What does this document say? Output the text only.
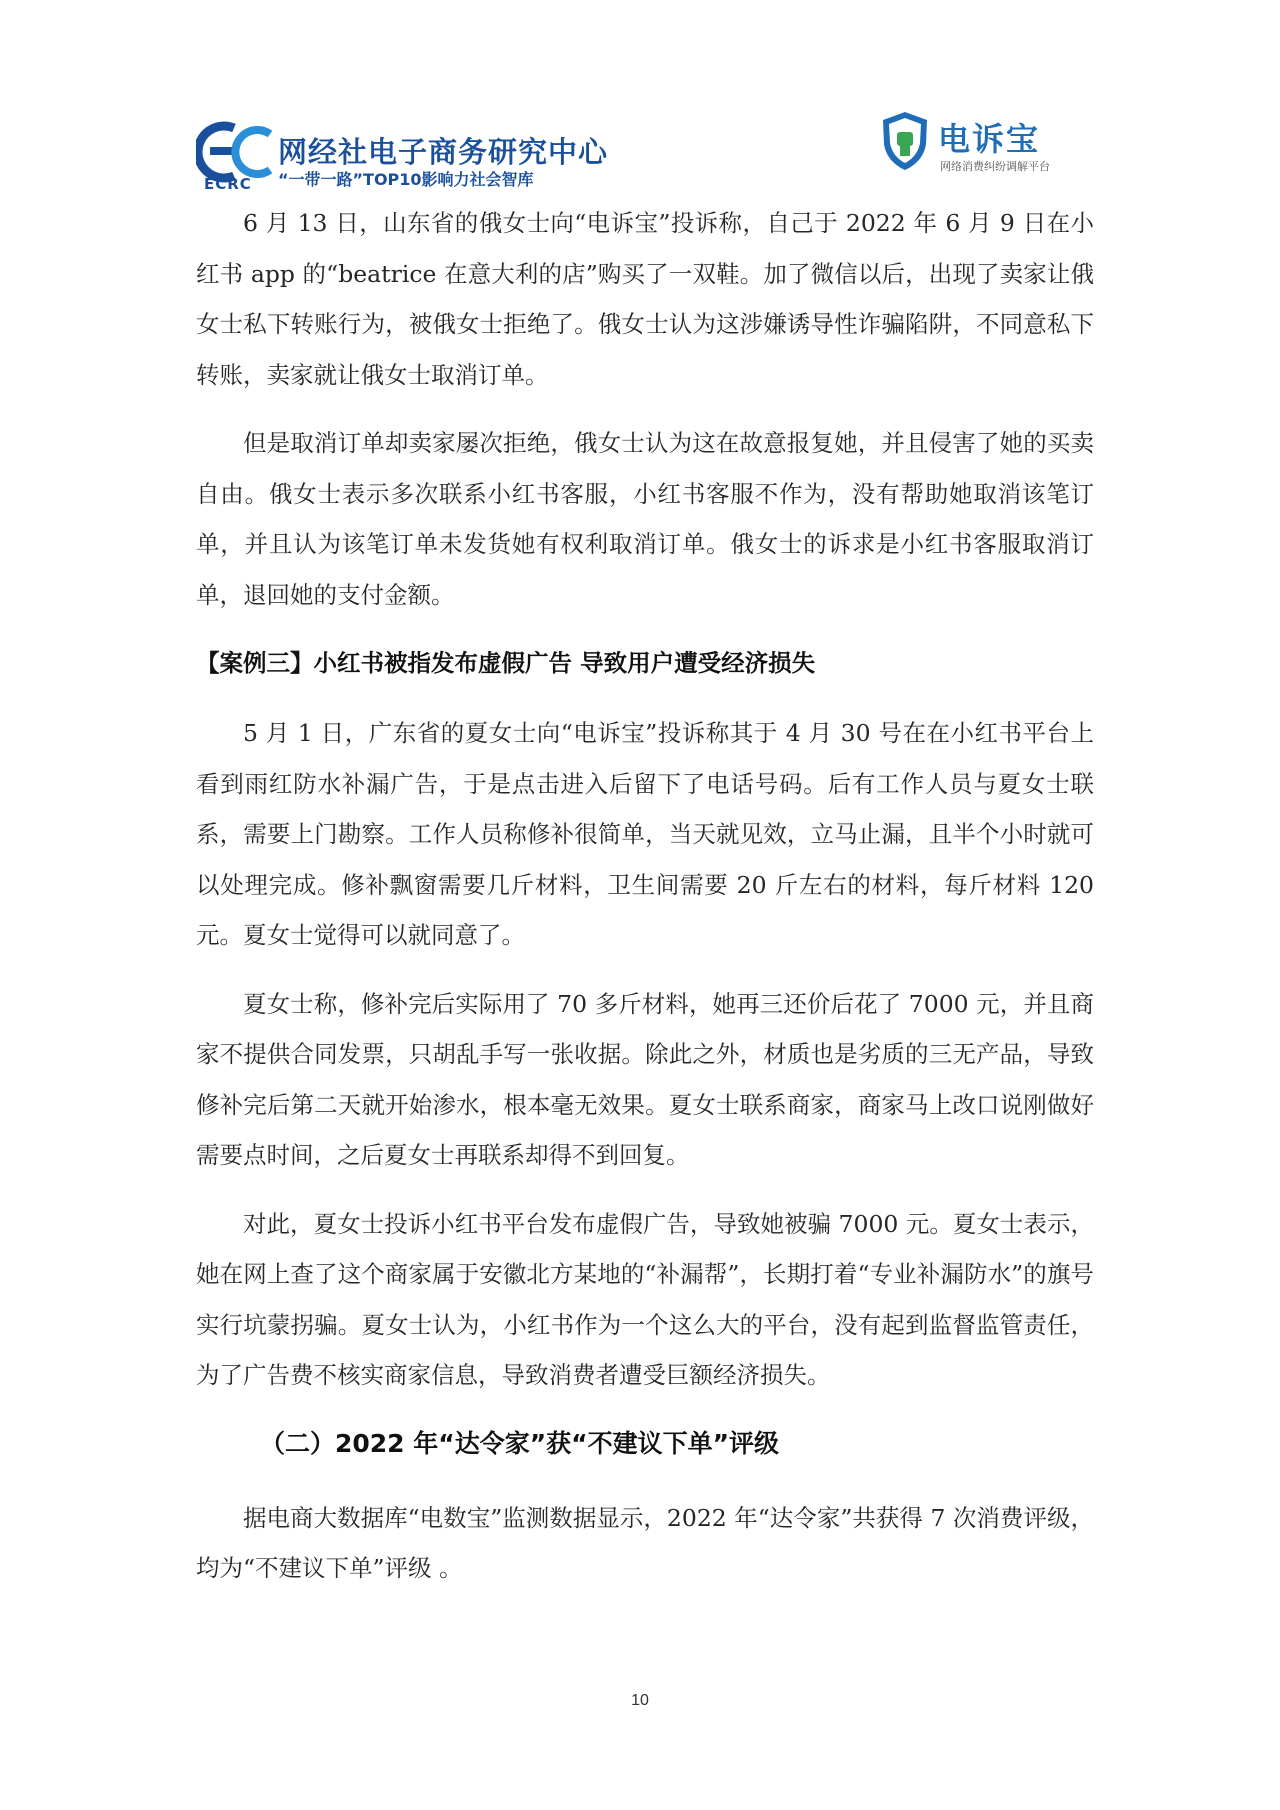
网经社电子商务研究中心
“一带一路”TOP10影响力社会智库
ECRC
电诉宝
网络消费纠纷调解平台

6 月 13 日，山东省的俄女士向“电诉宝”投诉称，自己于 2022 年 6 月 9 日在小红书 app 的“beatrice 在意大利的店”购买了一双鞋。加了微信以后，出现了卖家让俄女士私下转账行为，被俄女士拒绝了。俄女士认为这涉嫌诱导性诈骗陷阱，不同意私下转账，卖家就让俄女士取消订单。

但是取消订单却卖家屡次拒绝，俄女士认为这在故意报复她，并且侵害了她的买卖自由。俄女士表示多次联系小红书客服，小红书客服不作为，没有帮助她取消该笔订单，并且认为该笔订单未发货她有权利取消订单。俄女士的诉求是小红书客服取消订单，退回她的支付金额。

【案例三】小红书被指发布虚假广告 导致用户遭受经济损失

5 月 1 日，广东省的夏女士向“电诉宝”投诉称其于 4 月 30 号在在小红书平台上看到雨红防水补漏广告，于是点击进入后留下了电话号码。后有工作人员与夏女士联系，需要上门勘察。工作人员称修补很简单，当天就见效，立马止漏，且半个小时就可以处理完成。修补飘窗需要几斤材料，卫生间需要 20 斤左右的材料，每斤材料 120 元。夏女士觉得可以就同意了。

夏女士称，修补完后实际用了 70 多斤材料，她再三还价后花了 7000 元，并且商家不提供合同发票，只胡乱手写一张收据。除此之外，材质也是劣质的三无产品，导致修补完后第二天就开始渗水，根本毫无效果。夏女士联系商家，商家马上改口说刚做好需要点时间，之后夏女士再联系却得不到回复。

对此，夏女士投诉小红书平台发布虚假广告，导致她被骗 7000 元。夏女士表示，她在网上查了这个商家属于安徽北方某地的“补漏帮”，长期打着“专业补漏防水”的旗号实行坑蒙拐骗。夏女士认为，小红书作为一个这么大的平台，没有起到监督监管责任，为了广告费不核实商家信息，导致消费者遭受巨额经济损失。

（二）2022 年“达令家”获“不建议下单”评级

据电商大数据库“电数宝”监测数据显示，2022 年“达令家”共获得 7 次消费评级，均为“不建议下单”评级 。

10
